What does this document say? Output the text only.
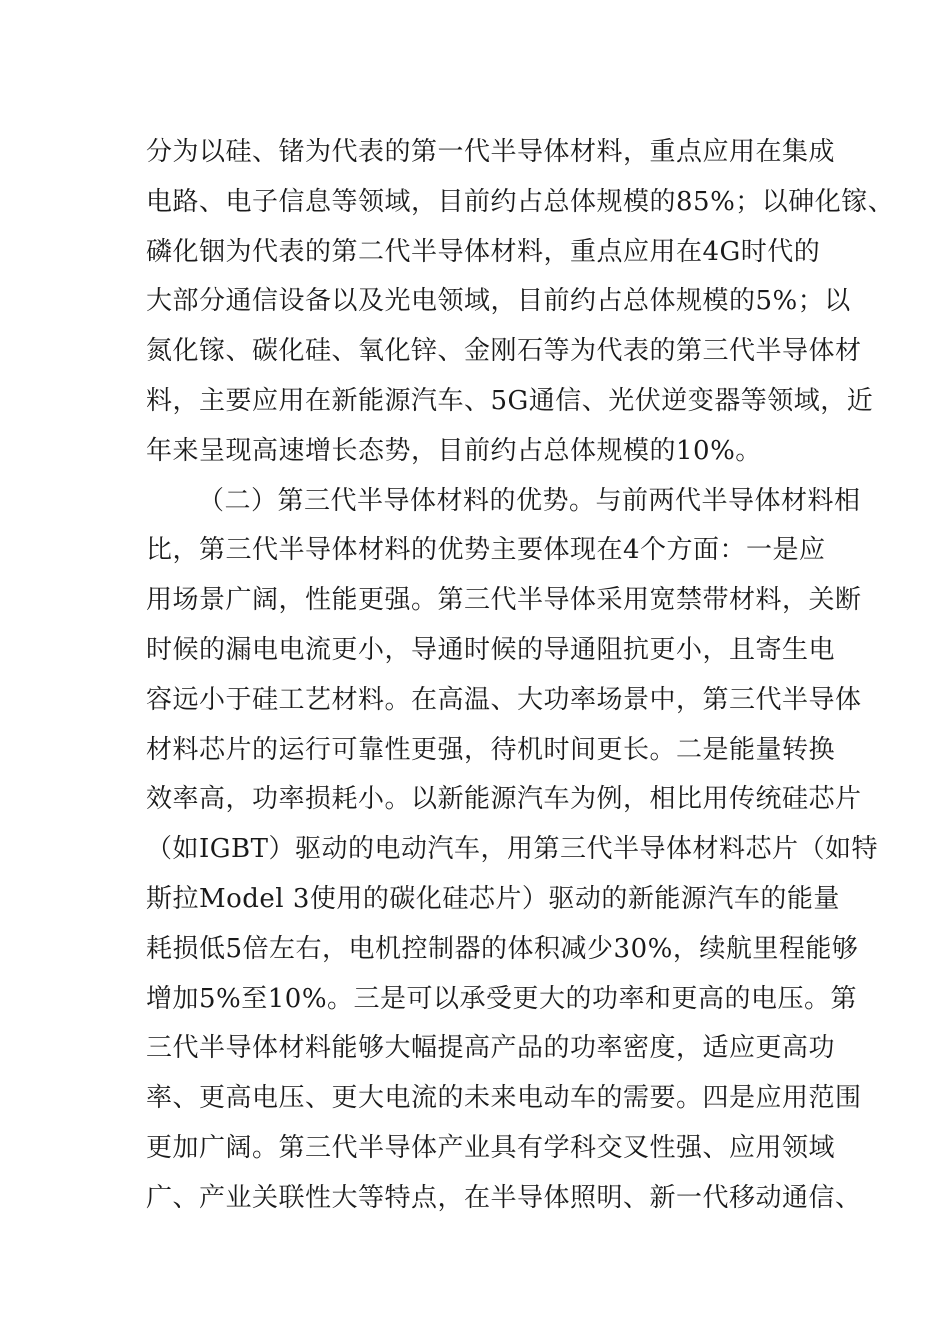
分为以硅、锗为代表的第一代半导体材料，重点应用在集成
电路、电子信息等领域，目前约占总体规模的85%；以砷化镓、
磷化铟为代表的第二代半导体材料，重点应用在4G时代的
大部分通信设备以及光电领域，目前约占总体规模的5%；以
氮化镓、碳化硅、氧化锌、金刚石等为代表的第三代半导体材
料，主要应用在新能源汽车、5G通信、光伏逆变器等领域，近
年来呈现高速增长态势，目前约占总体规模的10%。
（二）第三代半导体材料的优势。与前两代半导体材料相
比，第三代半导体材料的优势主要体现在4个方面：一是应
用场景广阔，性能更强。第三代半导体采用宽禁带材料，关断
时候的漏电电流更小，导通时候的导通阻抗更小，且寄生电
容远小于硅工艺材料。在高温、大功率场景中，第三代半导体
材料芯片的运行可靠性更强，待机时间更长。二是能量转换
效率高，功率损耗小。以新能源汽车为例，相比用传统硅芯片
（如IGBT）驱动的电动汽车，用第三代半导体材料芯片（如特
斯拉Model 3使用的碳化硅芯片）驱动的新能源汽车的能量
耗损低5倍左右，电机控制器的体积减少30%，续航里程能够
增加5%至10%。三是可以承受更大的功率和更高的电压。第
三代半导体材料能够大幅提高产品的功率密度，适应更高功
率、更高电压、更大电流的未来电动车的需要。四是应用范围
更加广阔。第三代半导体产业具有学科交叉性强、应用领域
广、产业关联性大等特点，在半导体照明、新一代移动通信、
